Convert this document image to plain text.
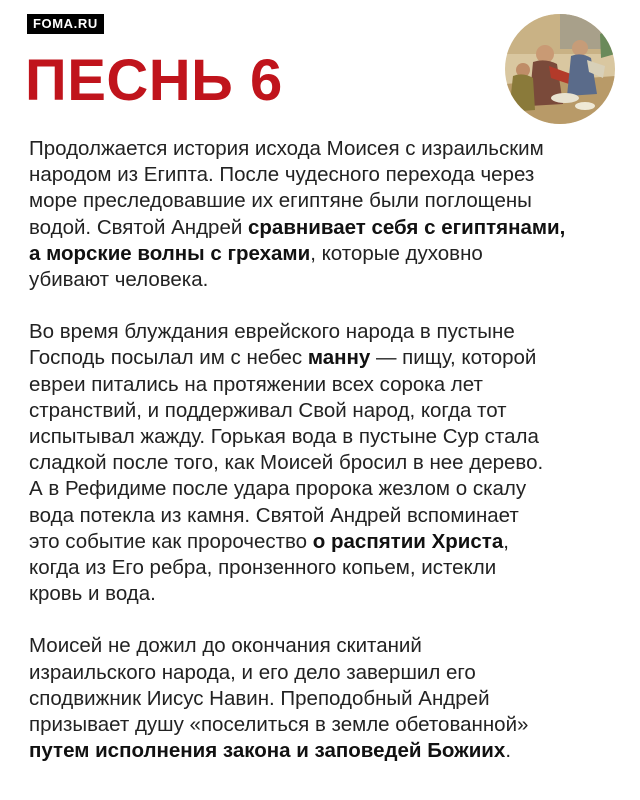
FOMA.RU
ПЕСНЬ 6

Продолжается история исхода Моисея с израильским
народом из Египта. После чудесного перехода через
море преследовавшие их египтяне были поглощены
водой. Святой Андрей сравнивает себя с египтянами,
а морские волны с грехами, которые духовно
убивают человека.

Во время блуждания еврейского народа в пустыне
Господь посылал им с небес манну — пищу, которой
евреи питались на протяжении всех сорока лет
странствий, и поддерживал Свой народ, когда тот
испытывал жажду. Горькая вода в пустыне Сур стала
сладкой после того, как Моисей бросил в нее дерево.
А в Рефидиме после удара пророка жезлом о скалу
вода потекла из камня. Святой Андрей вспоминает
это событие как пророчество о распятии Христа,
когда из Его ребра, пронзенного копьем, истекли
кровь и вода.

Моисей не дожил до окончания скитаний
израильского народа, и его дело завершил его
сподвижник Иисус Навин. Преподобный Андрей
призывает душу «поселиться в земле обетованной»
путем исполнения закона и заповедей Божиих.
